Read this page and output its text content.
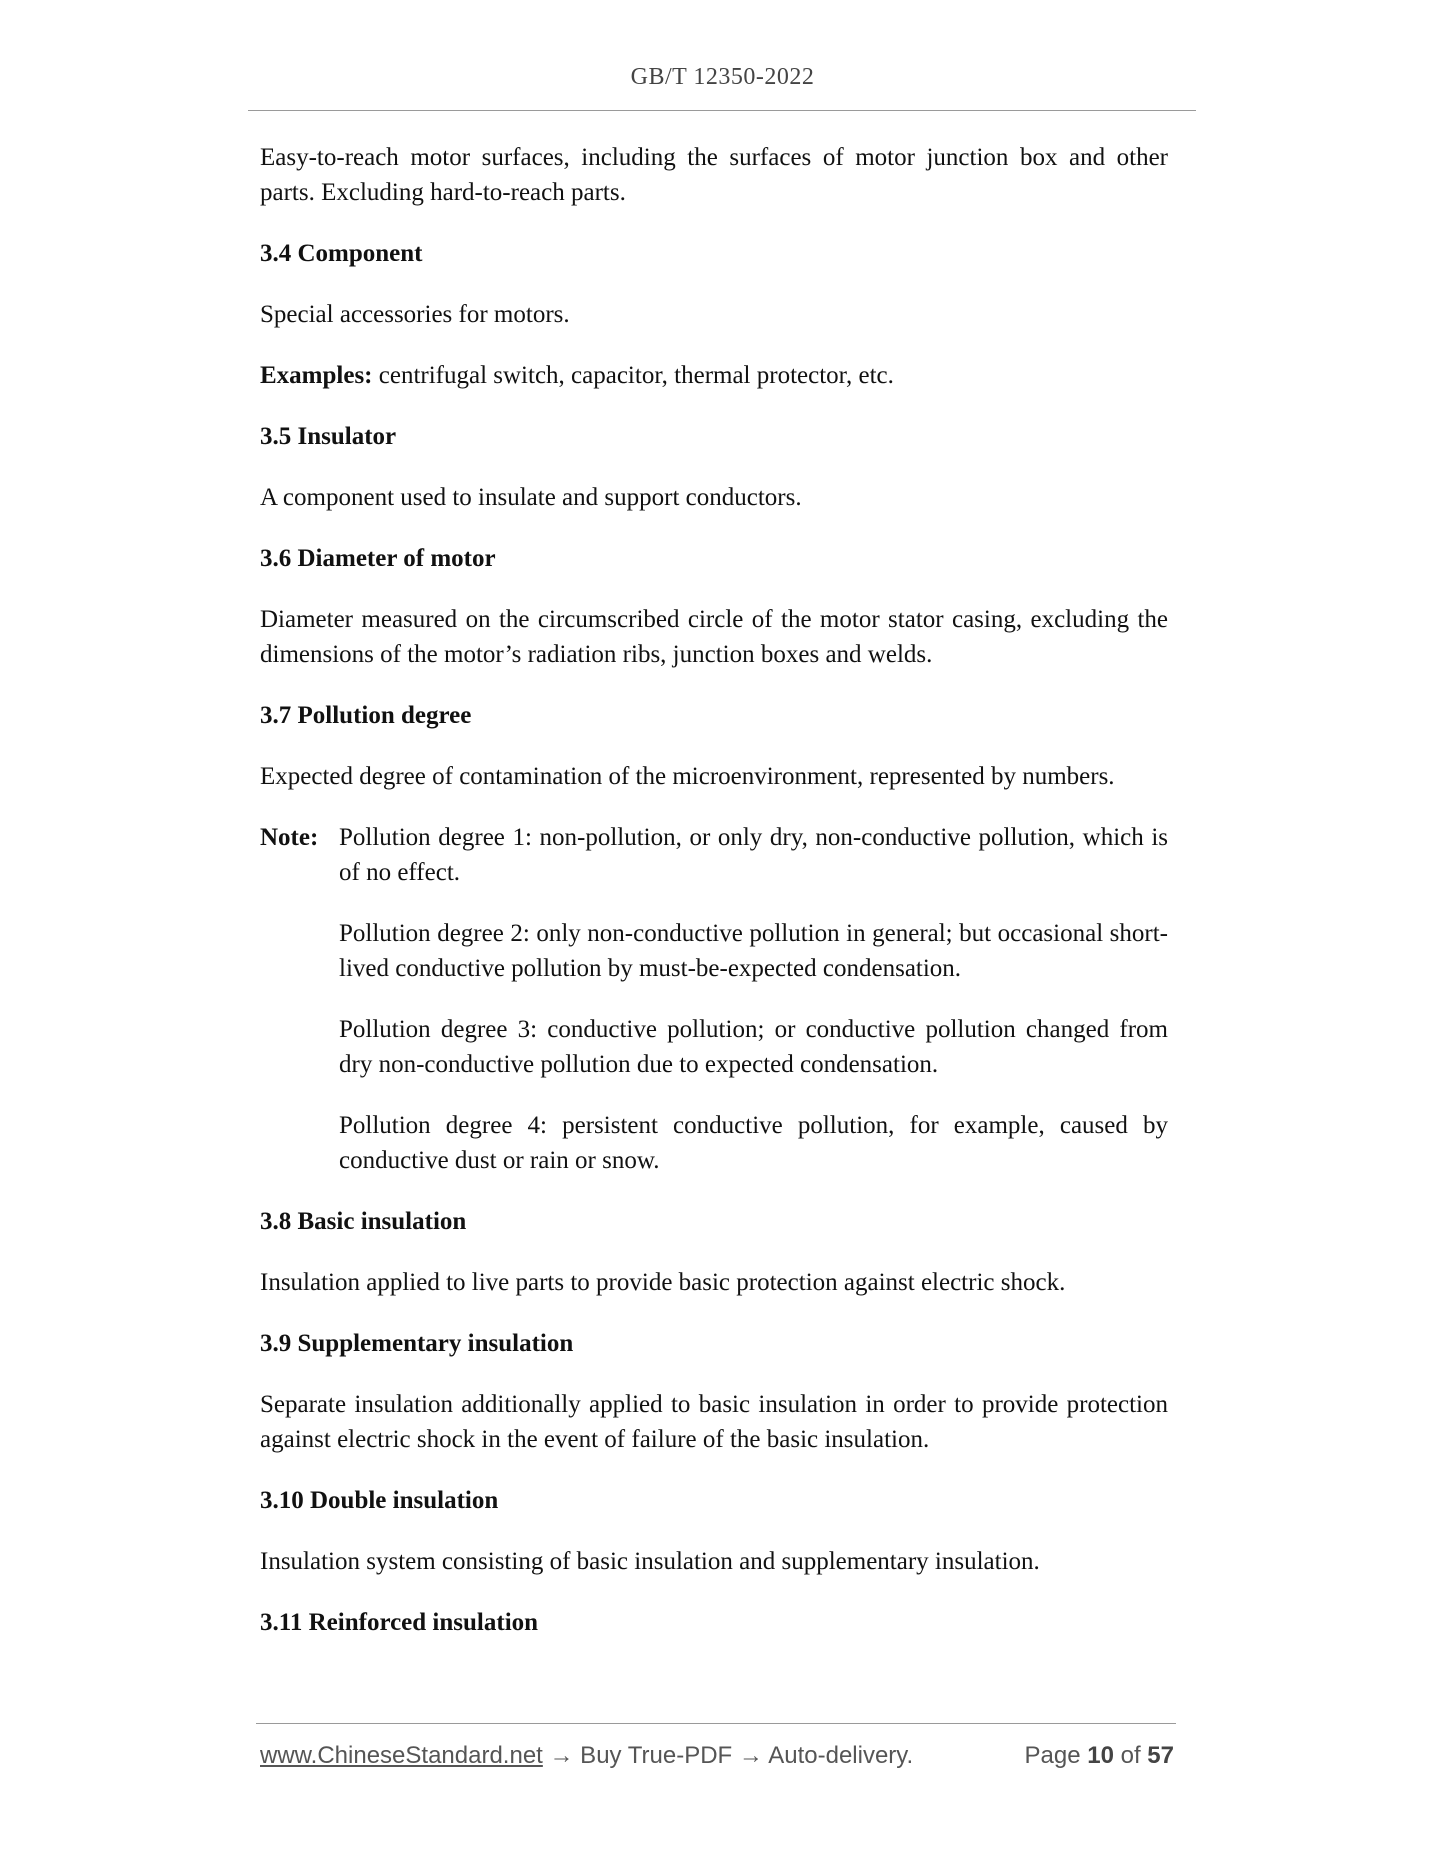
GB/T 12350-2022

Easy-to-reach motor surfaces, including the surfaces of motor junction box and other parts. Excluding hard-to-reach parts.

3.4 Component

Special accessories for motors.

Examples: centrifugal switch, capacitor, thermal protector, etc.

3.5 Insulator

A component used to insulate and support conductors.

3.6 Diameter of motor

Diameter measured on the circumscribed circle of the motor stator casing, excluding the dimensions of the motor’s radiation ribs, junction boxes and welds.

3.7 Pollution degree

Expected degree of contamination of the microenvironment, represented by numbers.

Note: Pollution degree 1: non-pollution, or only dry, non-conductive pollution, which is of no effect.

Pollution degree 2: only non-conductive pollution in general; but occasional short-lived conductive pollution by must-be-expected condensation.

Pollution degree 3: conductive pollution; or conductive pollution changed from dry non-conductive pollution due to expected condensation.

Pollution degree 4: persistent conductive pollution, for example, caused by conductive dust or rain or snow.

3.8 Basic insulation

Insulation applied to live parts to provide basic protection against electric shock.

3.9 Supplementary insulation

Separate insulation additionally applied to basic insulation in order to provide protection against electric shock in the event of failure of the basic insulation.

3.10 Double insulation

Insulation system consisting of basic insulation and supplementary insulation.

3.11 Reinforced insulation

www.ChineseStandard.net → Buy True-PDF → Auto-delivery.	Page 10 of 57
